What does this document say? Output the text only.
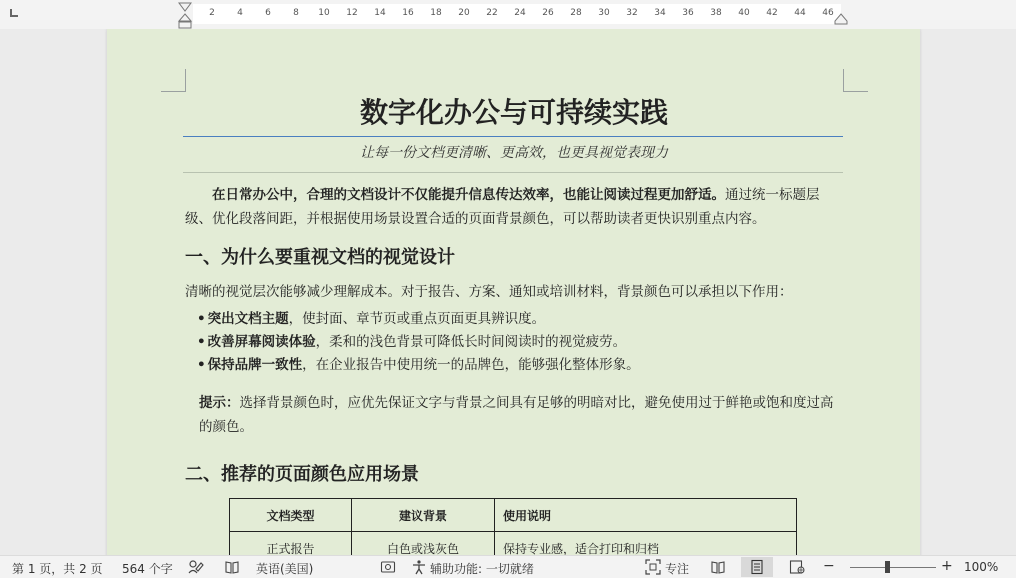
2 4 6 8 10 12 14 16 18 20 22 24 26 28 30 32 34 36 38 40 42 44 46
数字化办公与可持续实践

让每一份文档更清晰、更高效，也更具视觉表现力

在日常办公中，合理的文档设计不仅能提升信息传达效率，也能让阅读过程更加舒适。通过统一标题层级、优化段落间距，并根据使用场景设置合适的页面背景颜色，可以帮助读者更快识别重点内容。

一、为什么要重视文档的视觉设计

清晰的视觉层次能够减少理解成本。对于报告、方案、通知或培训材料，背景颜色可以承担以下作用：

• 突出文档主题，使封面、章节页或重点页面更具辨识度。
• 改善屏幕阅读体验，柔和的浅色背景可降低长时间阅读时的视觉疲劳。
• 保持品牌一致性，在企业报告中使用统一的品牌色，能够强化整体形象。

提示：选择背景颜色时，应优先保证文字与背景之间具有足够的明暗对比，避免使用过于鲜艳或饱和度过高的颜色。

二、推荐的页面颜色应用场景
文档类型	建议背景	使用说明
正式报告	白色或浅灰色	保持专业感，适合打印和归档
第 1 页，共 2 页 564 个字	英语(美国)	辅助功能: 一切就绪	专注	−	+ 100%
